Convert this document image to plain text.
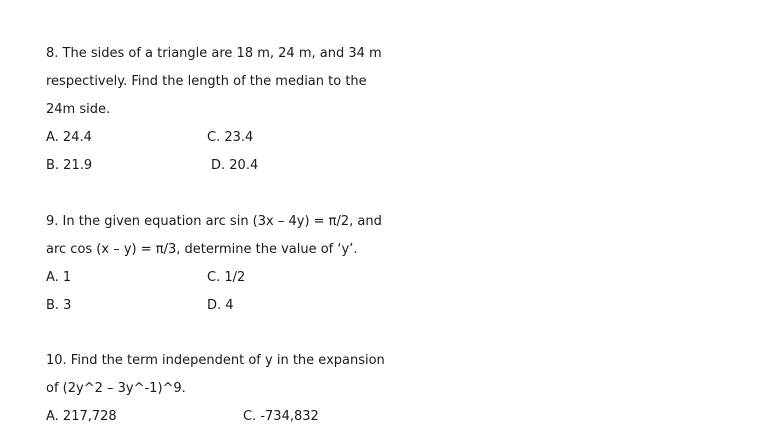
8. The sides of a triangle are 18 m, 24 m, and 34 m
respectively. Find the length of the median to the
24m side.
A. 24.4	C. 23.4
B. 21.9	D. 20.4
9. In the given equation arc sin (3x – 4y) = π/2, and
arc cos (x – y) = π/3, determine the value of ‘y’.
A. 1	C. 1/2
B. 3	D. 4
10. Find the term independent of y in the expansion
of (2y^2 – 3y^-1)^9.
A. 217,728	C. -734,832
